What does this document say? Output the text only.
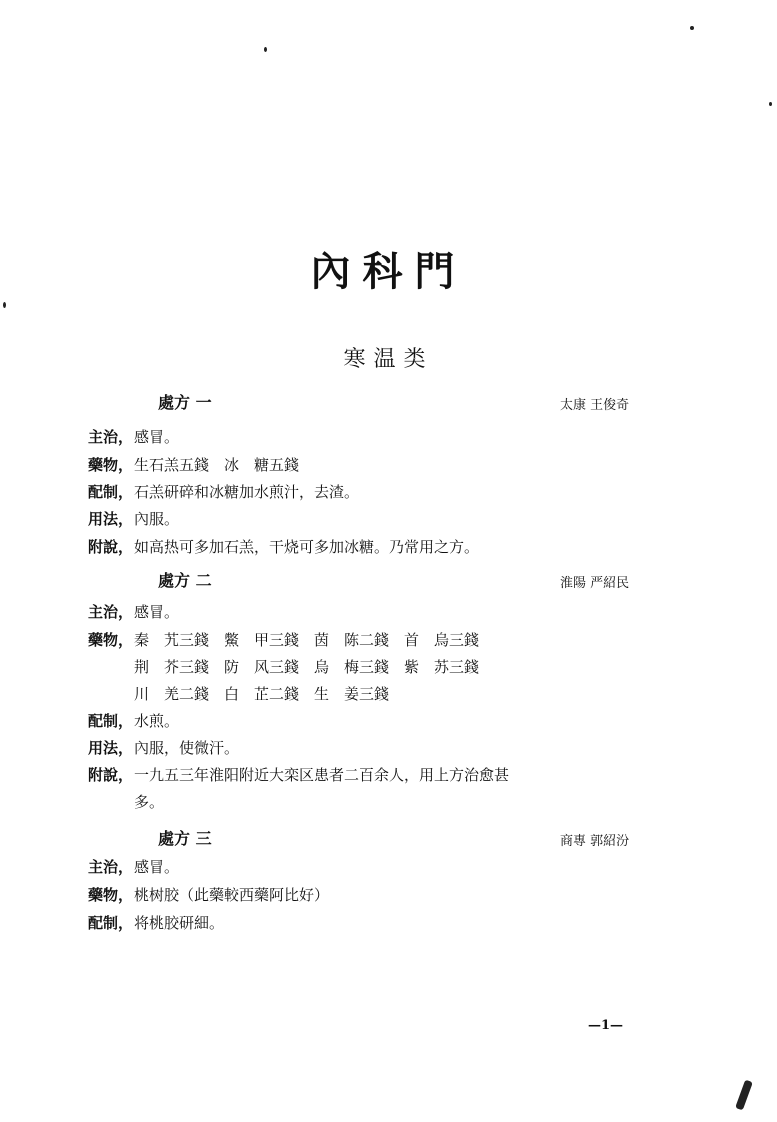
內科門
寒温类
處方 一	太康 王俊奇
主治， 感冒。
藥物， 生石羔五錢　冰　糖五錢
配制， 石羔研碎和冰糖加水煎汁，去渣。
用法， 內服。
附說， 如高热可多加石羔，干烧可多加冰糖。乃常用之方。
處方 二	淮陽 严紹民
主治， 感冒。
藥物， 秦　艽三錢　鱉　甲三錢　茵　陈二錢　首　烏三錢
荆　芥三錢　防　风三錢　烏　梅三錢　紫　苏三錢
川　羌二錢　白　芷二錢　生　姜三錢
配制， 水煎。
用法， 內服，使微汗。
附說， 一九五三年淮阳附近大栾区患者二百余人，用上方治愈甚
多。
處方 三	商專 郭紹汾
主治， 感冒。
藥物， 桃树胶（此藥較西藥阿比好）
配制， 将桃胶研細。
—1—
